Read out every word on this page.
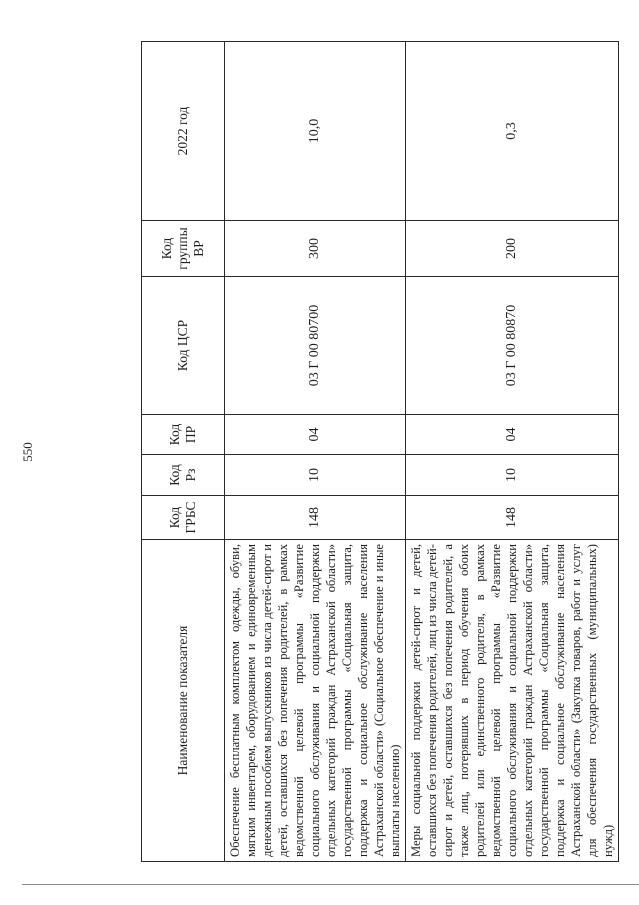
550
Наименование показателя	Код ГРБС	Код Рз	Код ПР	Код ЦСР	Код группы ВР	2022 год
Обеспечение бесплатным комплектом одежды, обуви, мягким инвентарем, оборудованием и единовременным денежным пособием выпускников из числа детей-сирот и детей, оставшихся без попечения родителей, в рамках ведомственной целевой программы «Развитие социального обслуживания и социальной поддержки отдельных категорий граждан Астраханской области» государственной программы «Социальная защита, поддержка и социальное обслуживание населения Астраханской области» (Социальное обеспечение и иные выплаты населению)	148	10	04	03 Г 00 80700	300	10,0
Меры социальной поддержки детей-сирот и детей, оставшихся без попечения родителей, лиц из числа детей-сирот и детей, оставшихся без попечения родителей, а также лиц, потерявших в период обучения обоих родителей или единственного родителя, в рамках ведомственной целевой программы «Развитие социального обслуживания и социальной поддержки отдельных категорий граждан Астраханской области» государственной программы «Социальная защита, поддержка и социальное обслуживание населения Астраханской области» (Закупка товаров, работ и услуг для обеспечения государственных (муниципальных) нужд)	148	10	04	03 Г 00 80870	200	0,3
